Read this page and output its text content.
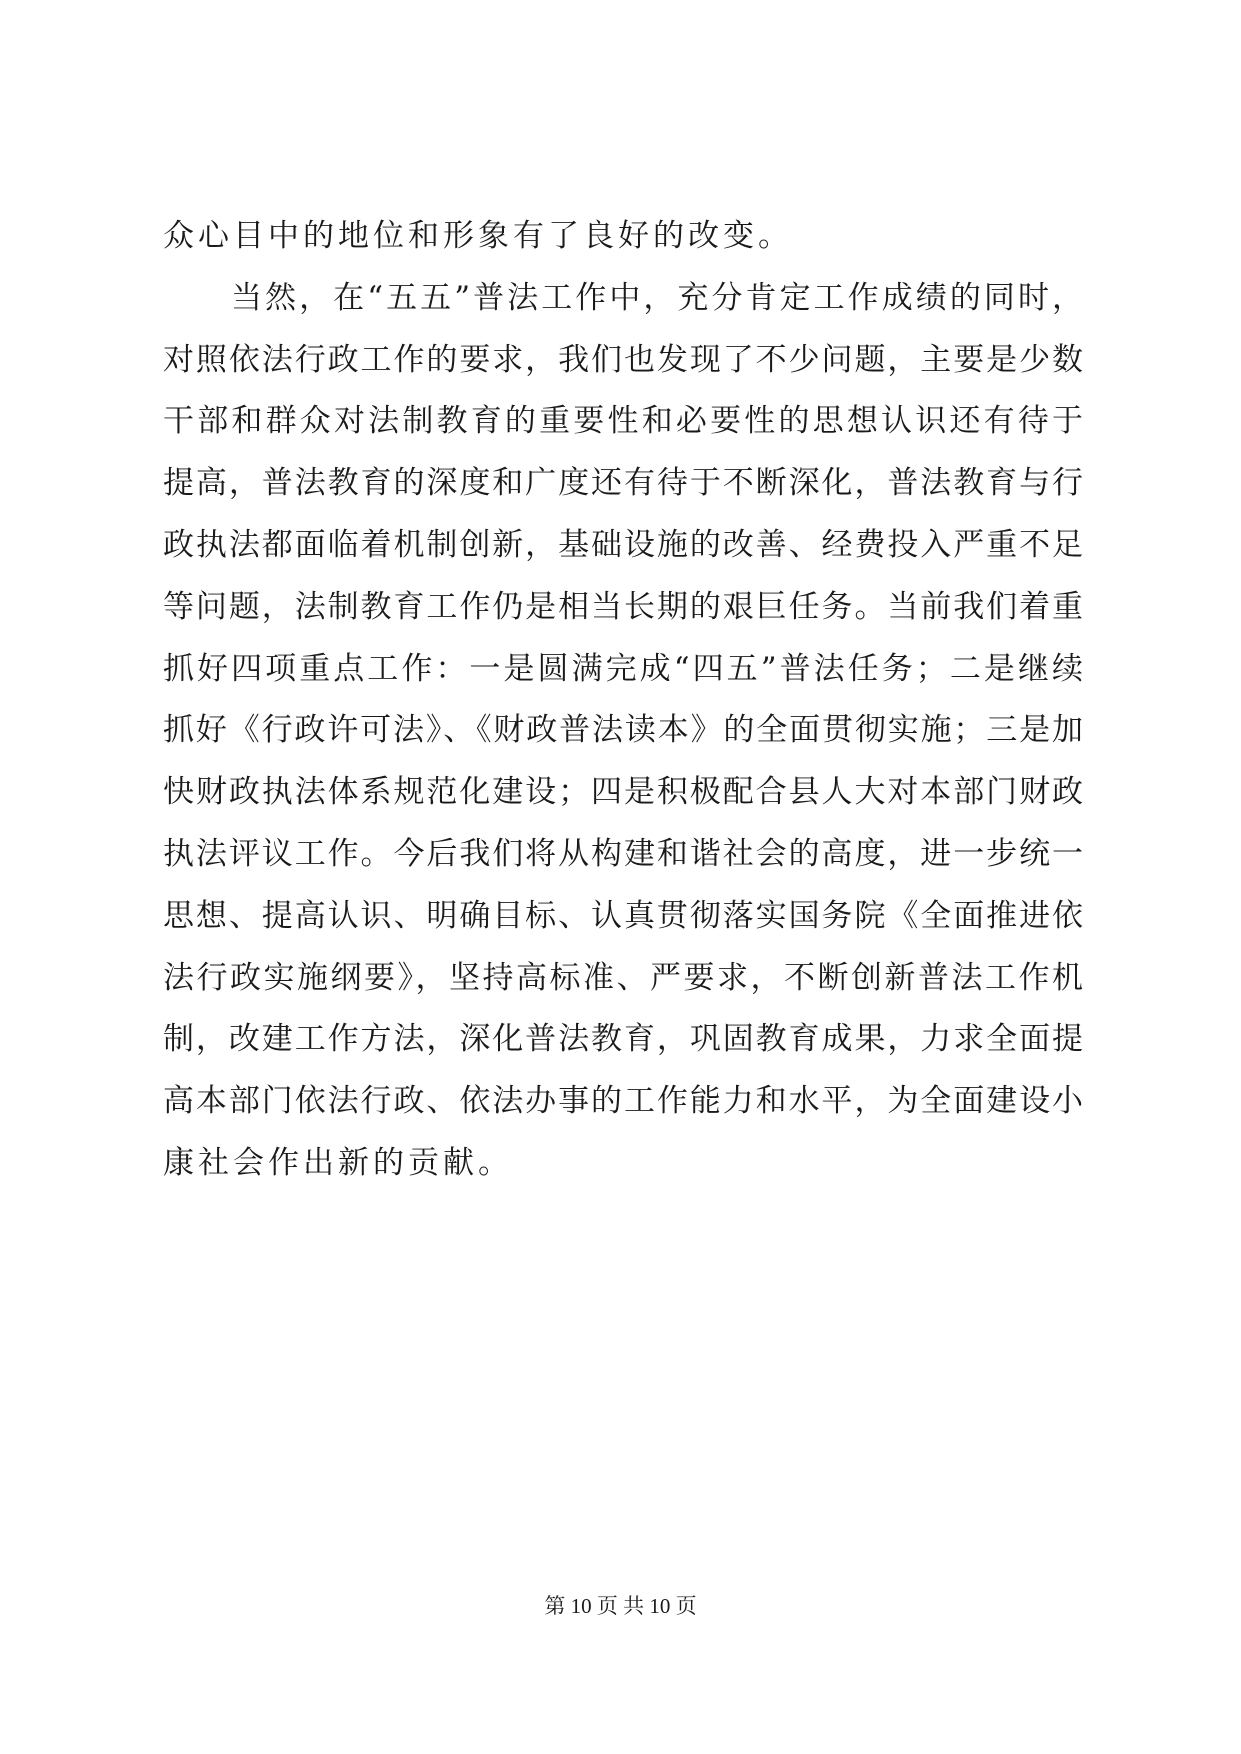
众心目中的地位和形象有了良好的改变。
当然，在“五五”普法工作中，充分肯定工作成绩的同时，
对照依法行政工作的要求，我们也发现了不少问题，主要是少数
干部和群众对法制教育的重要性和必要性的思想认识还有待于
提高，普法教育的深度和广度还有待于不断深化，普法教育与行
政执法都面临着机制创新，基础设施的改善、经费投入严重不足
等问题，法制教育工作仍是相当长期的艰巨任务。当前我们着重
抓好四项重点工作：一是圆满完成“四五”普法任务；二是继续
抓好《行政许可法》、《财政普法读本》的全面贯彻实施；三是加
快财政执法体系规范化建设；四是积极配合县人大对本部门财政
执法评议工作。今后我们将从构建和谐社会的高度，进一步统一
思想、提高认识、明确目标、认真贯彻落实国务院《全面推进依
法行政实施纲要》，坚持高标准、严要求，不断创新普法工作机
制，改建工作方法，深化普法教育，巩固教育成果，力求全面提
高本部门依法行政、依法办事的工作能力和水平，为全面建设小
康社会作出新的贡献。
第 10 页 共 10 页
